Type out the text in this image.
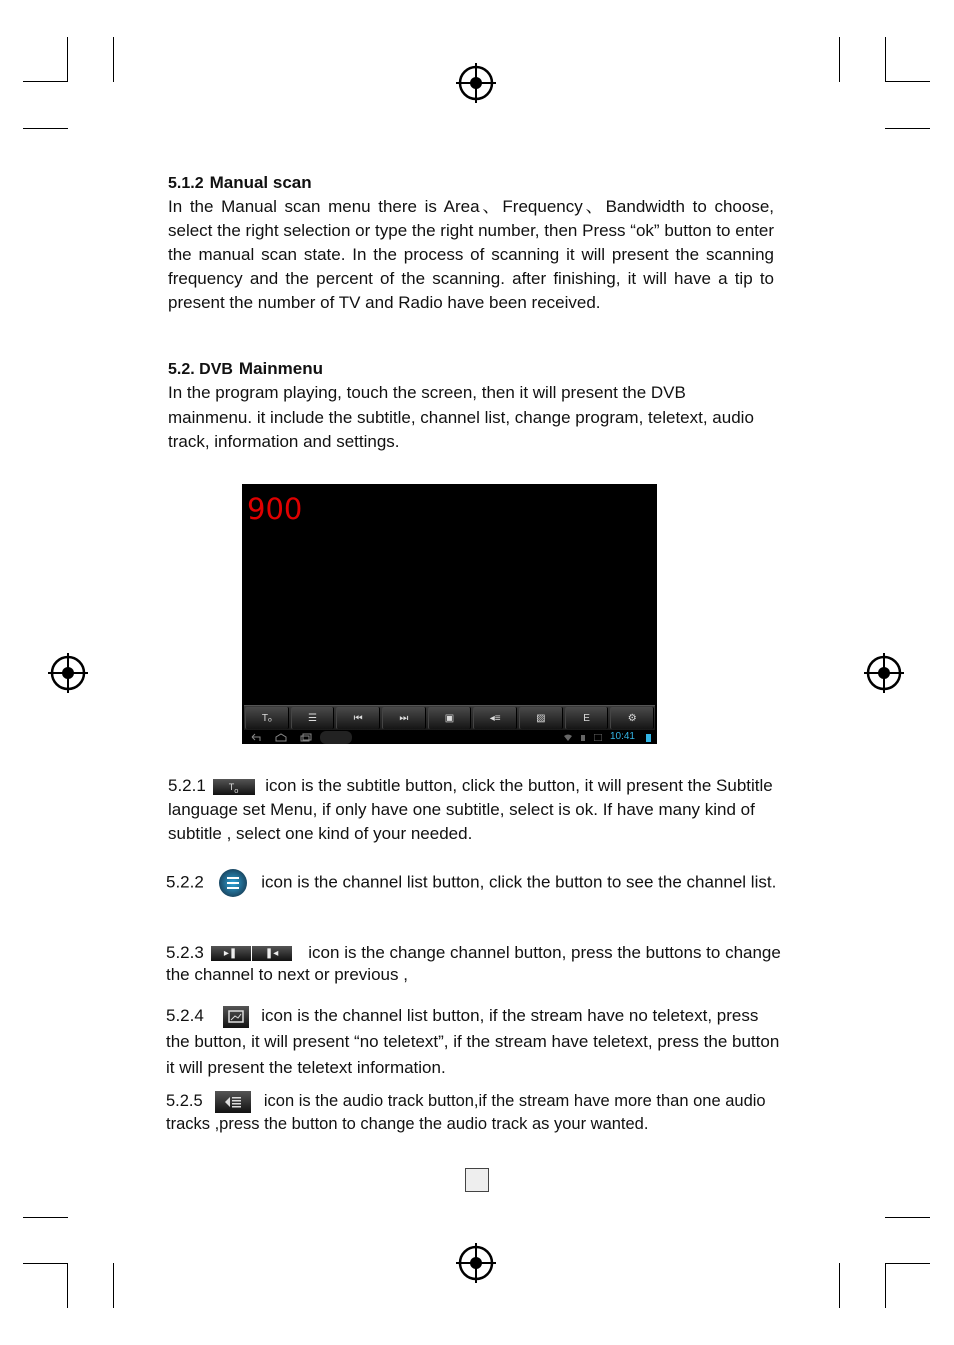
5.1.2 Manual scan
In the Manual scan menu there is Area、Frequency、Bandwidth to choose, select the right selection or type the right number, then Press “ok” button to enter the manual scan state. In the process of scanning it will present the scanning frequency and the percent of the scanning. after finishing, it will have a tip to present the number of TV and Radio have been received.
5.2. DVB Mainmenu
In the program playing, touch the screen, then it will present the DVB mainmenu. it include the subtitle, channel list, change program, teletext, audio track, information and settings.
900
Tₒ	☰	⏮	⏭	▣	◂≡	▨	E	⚙
10:41
5.2.1	$T_o$ icon is the subtitle button, click the button, it will present the Subtitle language set Menu, if only have one subtitle, select is ok. If have many kind of subtitle , select one kind of your needed.
5.2.2	icon is the channel list button, click the button to see the channel list.
5.2.3 ▸❚	❚◂ icon is the change channel button, press the buttons to change the channel to next or previous ,
5.2.4	icon is the channel list button, if the stream have no teletext, press the button, it will present “no teletext”, if the stream have teletext, press the button it will present the teletext information.
5.2.5	icon is the audio track button,if the stream have more than one audio tracks ,press the button to change the audio track as your wanted.
